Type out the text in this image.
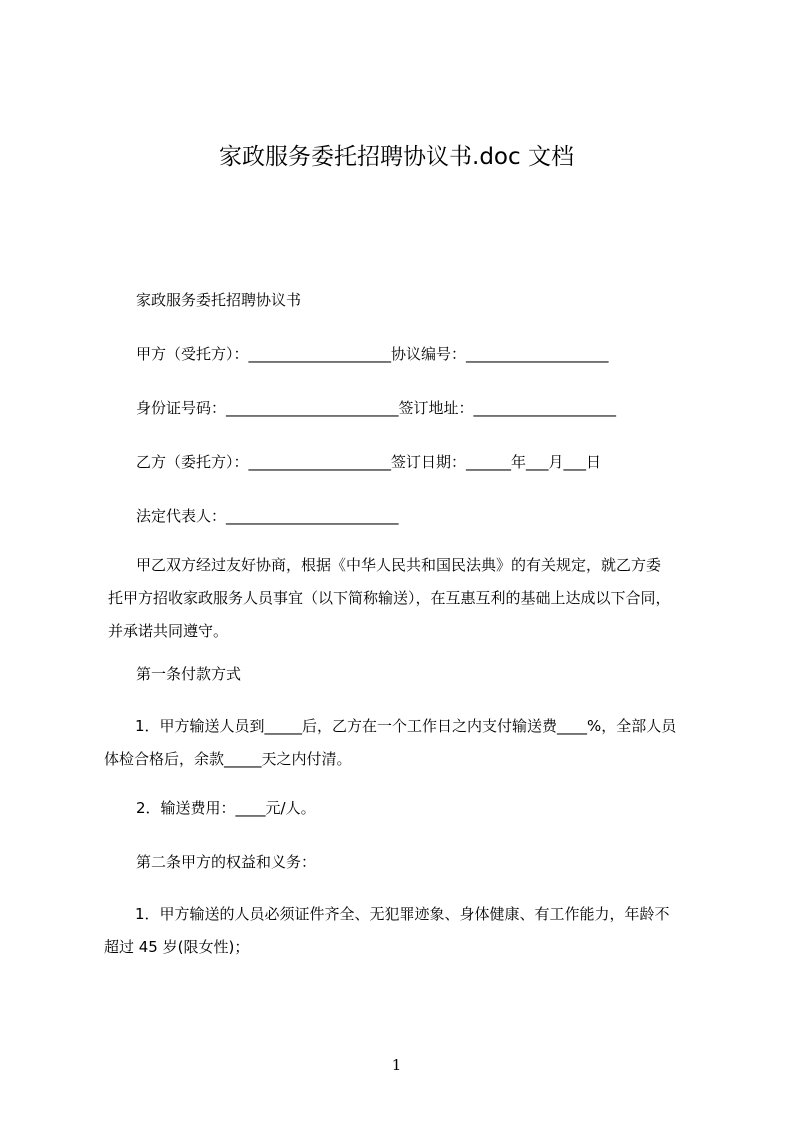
家政服务委托招聘协议书.doc 文档
家政服务委托招聘协议书
甲方（受托方）：___________________协议编号：___________________
身份证号码：_______________________签订地址：___________________
乙方（委托方）：___________________签订日期：______年___月___日
法定代表人：_______________________
甲乙双方经过友好协商，根据《中华人民共和国民法典》的有关规定，就乙方委
托甲方招收家政服务人员事宜（以下简称输送），在互惠互利的基础上达成以下合同，
并承诺共同遵守。
第一条付款方式
1．甲方输送人员到_____后，乙方在一个工作日之内支付输送费____%，全部人员
体检合格后，余款_____天之内付清。
2．输送费用：____元/人。
第二条甲方的权益和义务：
1．甲方输送的人员必须证件齐全、无犯罪迹象、身体健康、有工作能力，年龄不
超过 45 岁(限女性)；
1
